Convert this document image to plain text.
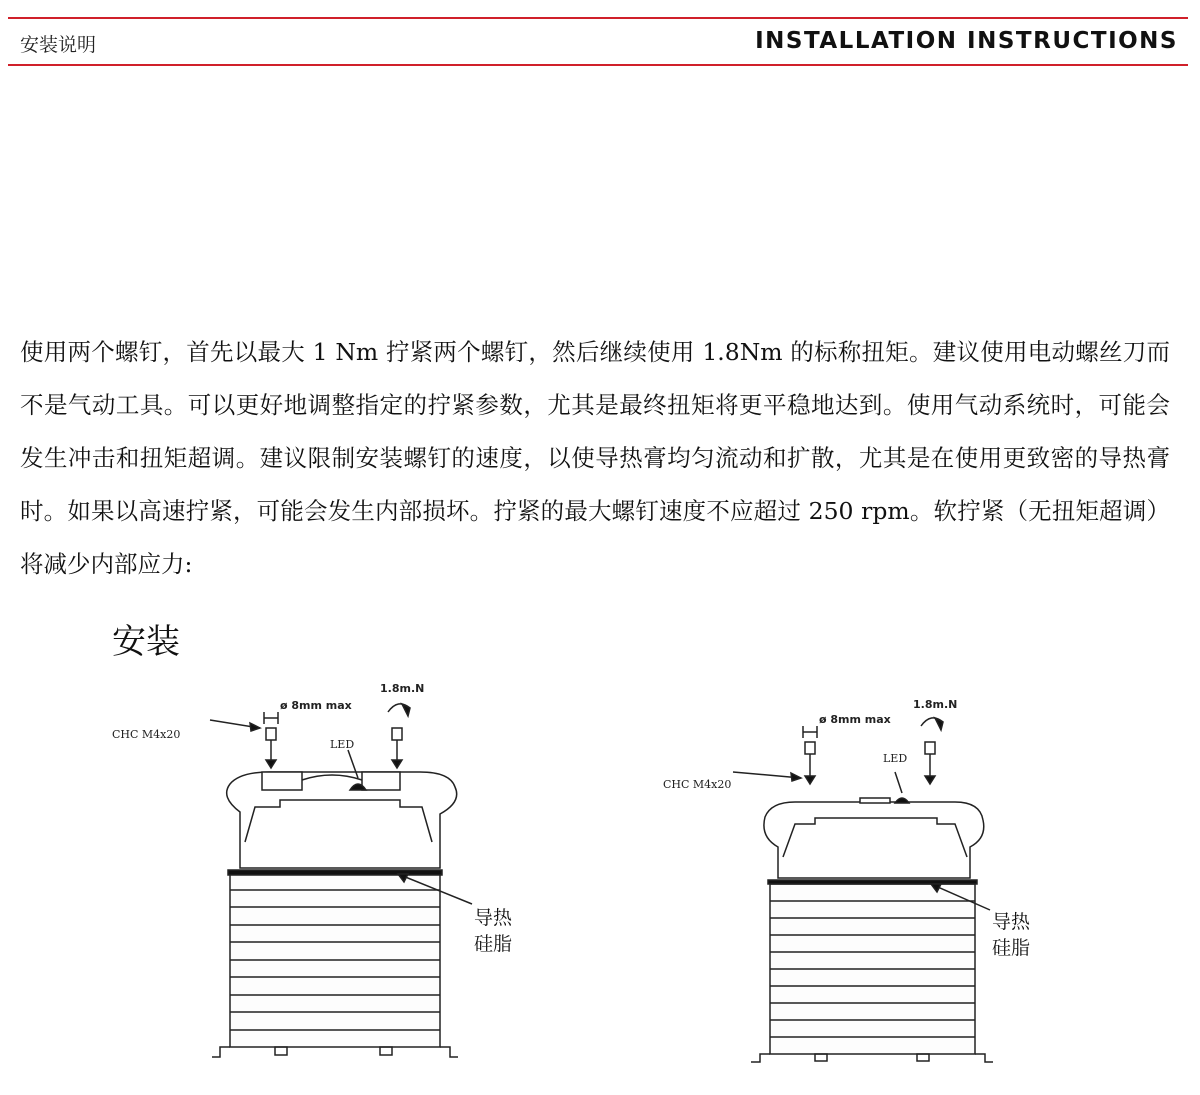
安装说明	INSTALLATION INSTRUCTIONS

使用两个螺钉，首先以最大 1 Nm 拧紧两个螺钉，然后继续使用 1.8Nm 的标称扭矩。建议使用电动螺丝刀而不是气动工具。可以更好地调整指定的拧紧参数，尤其是最终扭矩将更平稳地达到。使用气动系统时，可能会发生冲击和扭矩超调。建议限制安装螺钉的速度，以使导热膏均匀流动和扩散，尤其是在使用更致密的导热膏时。如果以高速拧紧，可能会发生内部损坏。拧紧的最大螺钉速度不应超过 250 rpm。软拧紧（无扭矩超调）将减少内部应力:

安装
1.8m.N
ø 8mm max
CHC M4x20
LED
导热
硅脂
1.8m.N
ø 8mm max
CHC M4x20
LED
导热
硅脂
